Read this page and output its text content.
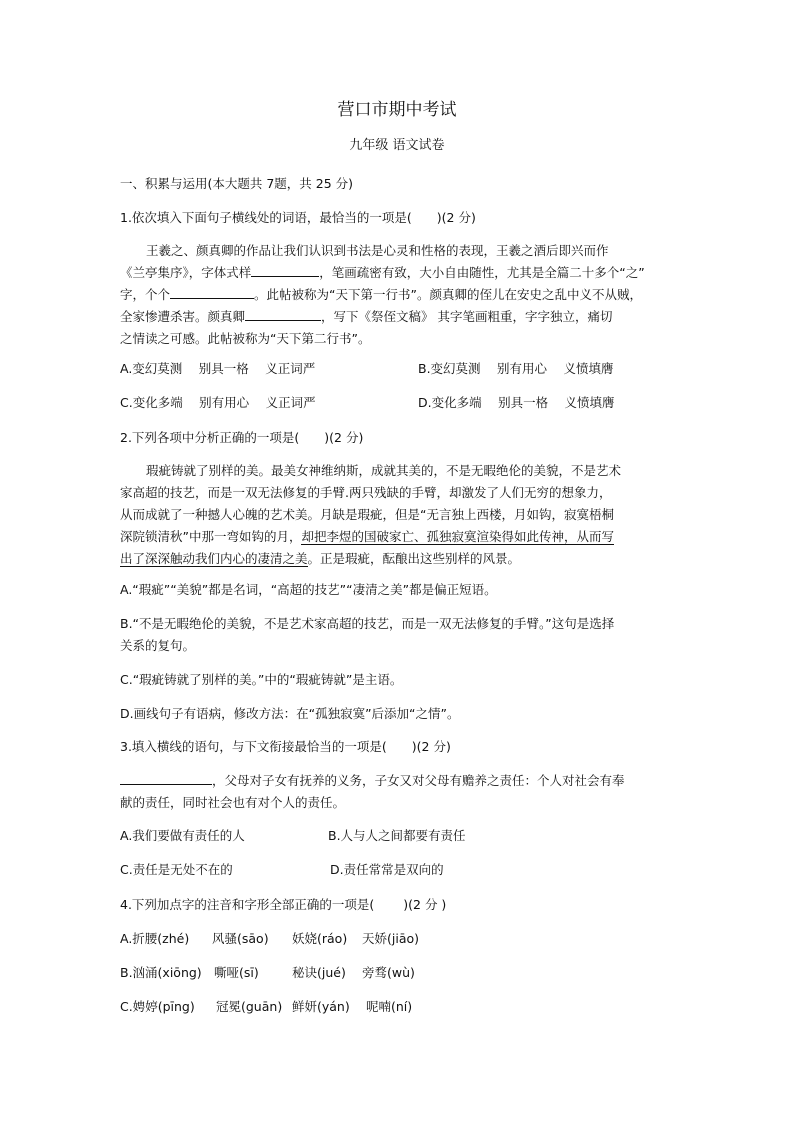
营口市期中考试
九年级 语文试卷
一、积累与运用(本大题共 7题，共 25 分)
1.依次填入下面句子横线处的词语，最恰当的一项是(　　)(2 分)
王羲之、颜真卿的作品让我们认识到书法是心灵和性格的表现，王羲之酒后即兴而作
《兰亭集序》，字体式样	，笔画疏密有致，大小自由随性，尤其是全篇二十多个“之”
字，个个	。此帖被称为“天下第一行书”。颜真卿的侄儿在安史之乱中义不从贼，
全家惨遭杀害。颜真卿	，写下《祭侄文稿》 其字笔画粗重，字字独立，痛切
之情读之可感。此帖被称为“天下第二行书”。
A.变幻莫测　 别具一格　 义正词严	B.变幻莫测　 别有用心　 义愤填膺
C.变化多端　 别有用心　 义正词严	D.变化多端　 别具一格　 义愤填膺
2.下列各项中分析正确的一项是(　　)(2 分)
瑕疵铸就了别样的美。最美女神维纳斯，成就其美的，不是无暇绝伦的美貌，不是艺术
家高超的技艺，而是一双无法修复的手臂.两只残缺的手臂，却激发了人们无穷的想象力，
从而成就了一种撼人心魄的艺术美。月缺是瑕疵，但是“无言独上西楼，月如钩，寂寞梧桐
深院锁清秋”中那一弯如钩的月，却把李煜的国破家亡、孤独寂寞渲染得如此传神，从而写
出了深深触动我们内心的凄清之美。正是瑕疵，酝酿出这些别样的风景。
A.“瑕疵”“美貌”都是名词，“高超的技艺”“凄清之美”都是偏正短语。
B.“不是无暇绝伦的美貌，不是艺术家高超的技艺，而是一双无法修复的手臂。”这句是选择
关系的复句。
C.“瑕疵铸就了别样的美。”中的“瑕疵铸就”是主语。
D.画线句子有语病，修改方法：在“孤独寂寞”后添加“之情”。
3.填入横线的语句，与下文衔接最恰当的一项是(　　)(2 分)
，父母对子女有抚养的义务，子女又对父母有赡养之责任：个人对社会有奉
献的责任，同时社会也有对个人的责任。
A.我们要做有责任的人	B.人与人之间都要有责任
C.责任是无处不在的	D.责任常常是双向的
4.下列加点字的注音和字形全部正确的一项是(　　 )(2 分 )
A.折腰(zhé) 风骚(sāo) 妖娆(ráo) 天娇(jiāo)
B.汹涌(xiōng) 嘶哑(sī)	秘诀(jué) 旁骛(wù)
C.娉婷(pīng) 冠冕(guān) 鲜妍(yán) 呢喃(ní)
